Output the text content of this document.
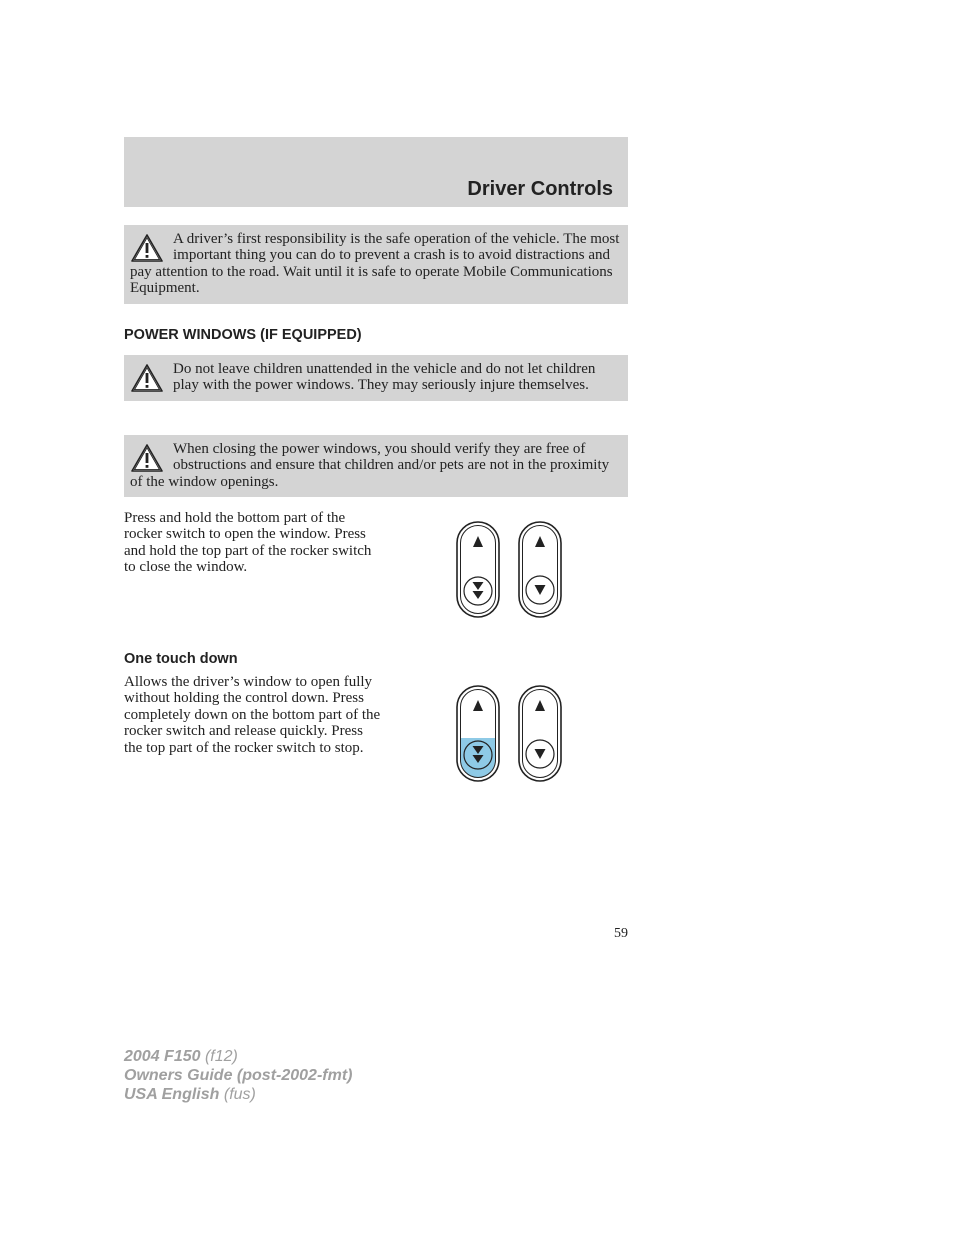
Driver Controls
A driver’s first responsibility is the safe operation of the vehicle. The most important thing you can do to prevent a crash is to avoid distractions and pay attention to the road. Wait until it is safe to operate Mobile Communications Equipment.
POWER WINDOWS (IF EQUIPPED)
Do not leave children unattended in the vehicle and do not let children play with the power windows. They may seriously injure themselves.
When closing the power windows, you should verify they are free of obstructions and ensure that children and/or pets are not in the proximity of the window openings.
Press and hold the bottom part of the rocker switch to open the window. Press and hold the top part of the rocker switch to close the window.
One touch down
Allows the driver’s window to open fully without holding the control down. Press completely down on the bottom part of the rocker switch and release quickly. Press the top part of the rocker switch to stop.
59
2004 F150 (f12)
Owners Guide (post-2002-fmt)
USA English (fus)
